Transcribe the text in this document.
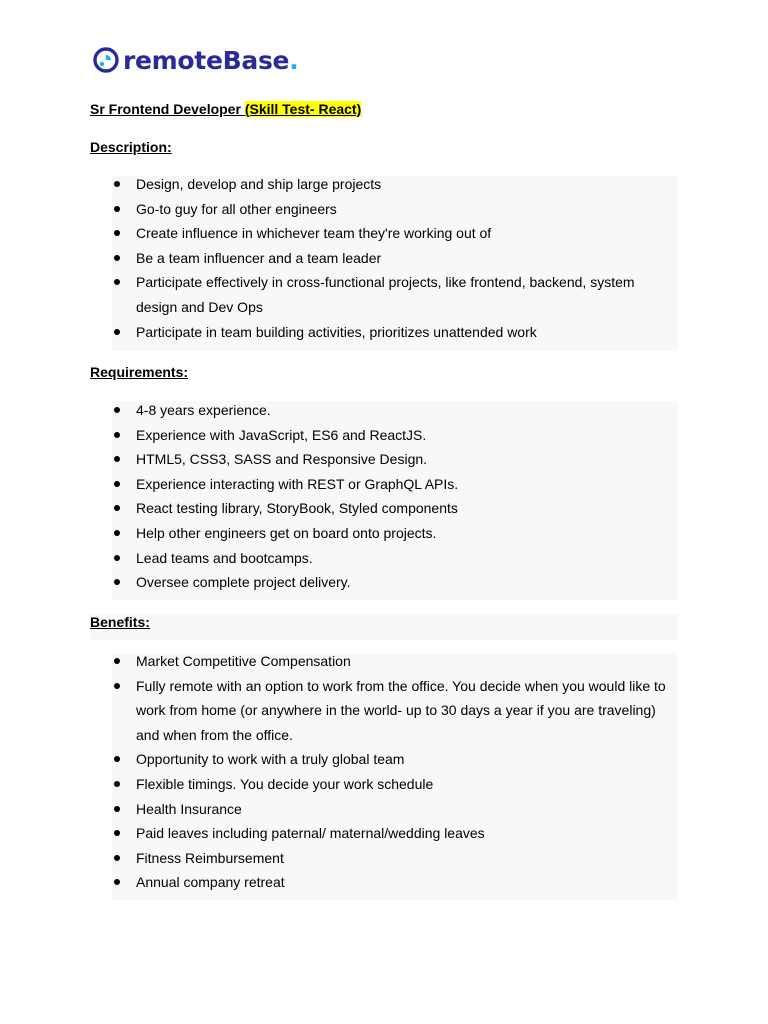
remoteBase.
Sr Frontend Developer (Skill Test- React)
Description:
Design, develop and ship large projects
Go-to guy for all other engineers
Create influence in whichever team they're working out of
Be a team influencer and a team leader
Participate effectively in cross-functional projects, like frontend, backend, system design and Dev Ops
Participate in team building activities, prioritizes unattended work
Requirements:
4-8 years experience.
Experience with JavaScript, ES6 and ReactJS.
HTML5, CSS3, SASS and Responsive Design.
Experience interacting with REST or GraphQL APIs.
React testing library, StoryBook, Styled components
Help other engineers get on board onto projects.
Lead teams and bootcamps.
Oversee complete project delivery.
Benefits:
Market Competitive Compensation
Fully remote with an option to work from the office. You decide when you would like to work from home (or anywhere in the world- up to 30 days a year if you are traveling) and when from the office.
Opportunity to work with a truly global team
Flexible timings. You decide your work schedule
Health Insurance
Paid leaves including paternal/ maternal/wedding leaves
Fitness Reimbursement
Annual company retreat
